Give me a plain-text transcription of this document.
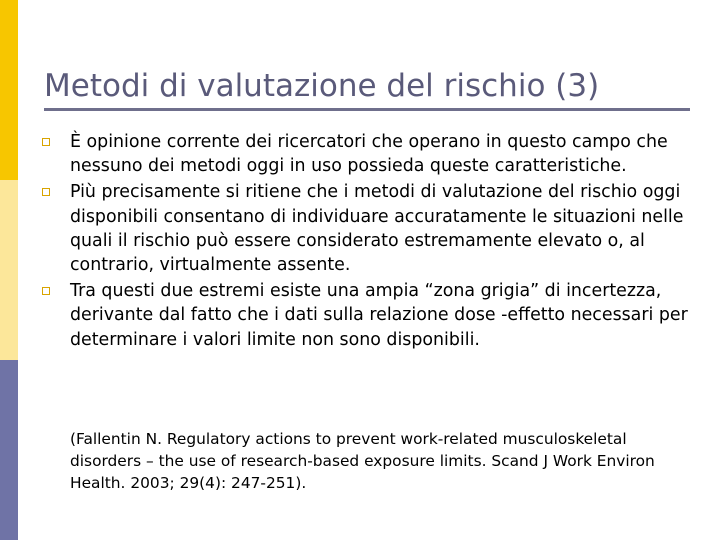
Metodi di valutazione del rischio (3)
È opinione corrente dei ricercatori che operano in questo campo che nessuno dei metodi oggi in uso possieda queste caratteristiche.
Più precisamente si ritiene che i metodi di valutazione del rischio oggi disponibili consentano di individuare accuratamente le situazioni nelle quali il rischio può essere considerato estremamente elevato o, al contrario, virtualmente assente.
Tra questi due estremi esiste una ampia “zona grigia” di incertezza, derivante dal fatto che i dati sulla relazione dose -effetto necessari per determinare i valori limite non sono disponibili.

(Fallentin N. Regulatory actions to prevent work-related musculoskeletal disorders – the use of research-based exposure limits. Scand J Work Environ Health. 2003; 29(4): 247-251).
